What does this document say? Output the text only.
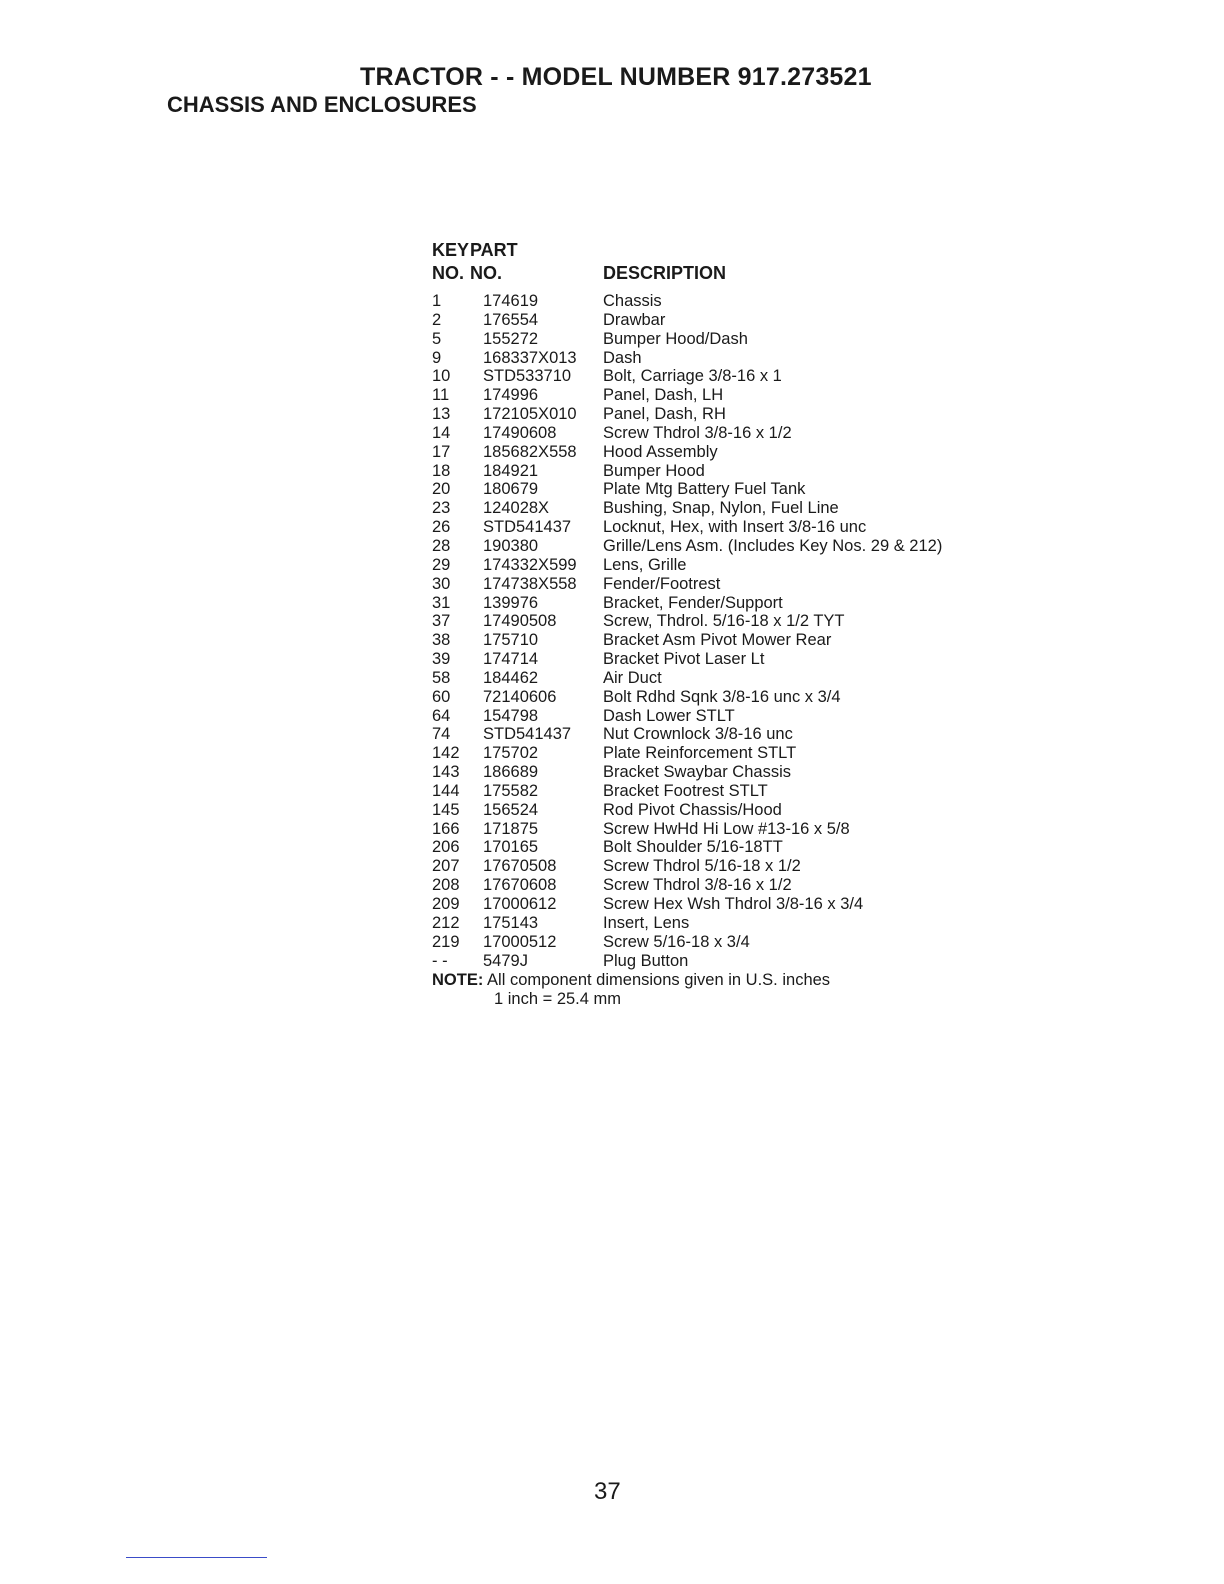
TRACTOR - - MODEL NUMBER 917.273521
CHASSIS AND ENCLOSURES
KEY
NO.
PART
NO.	DESCRIPTION
1	174619	Chassis
2	176554	Drawbar
5	155272	Bumper Hood/Dash
9	168337X013 Dash
10 STD533710 Bolt, Carriage 3/8-16 x 1
11 174996	Panel, Dash, LH
13 172105X010 Panel, Dash, RH
14 17490608	Screw Thdrol 3/8-16 x 1/2
17 185682X558 Hood Assembly
18 184921	Bumper Hood
20 180679	Plate Mtg Battery Fuel Tank
23 124028X	Bushing, Snap, Nylon, Fuel Line
26 STD541437 Locknut, Hex, with Insert 3/8-16 unc
28 190380	Grille/Lens Asm. (Includes Key Nos. 29 & 212)
29 174332X599 Lens, Grille
30 174738X558 Fender/Footrest
31 139976	Bracket, Fender/Support
37 17490508	Screw, Thdrol. 5/16-18 x 1/2 TYT
38 175710	Bracket Asm Pivot Mower Rear
39 174714	Bracket Pivot Laser Lt
58 184462	Air Duct
60 72140606	Bolt Rdhd Sqnk 3/8-16 unc x 3/4
64 154798	Dash Lower STLT
74 STD541437 Nut Crownlock 3/8-16 unc
142 175702	Plate Reinforcement STLT
143 186689	Bracket Swaybar Chassis
144 175582	Bracket Footrest STLT
145 156524	Rod Pivot Chassis/Hood
166 171875	Screw HwHd Hi Low #13-16 x 5/8
206 170165	Bolt Shoulder 5/16-18TT
207 17670508	Screw Thdrol 5/16-18 x 1/2
208 17670608	Screw Thdrol 3/8-16 x 1/2
209 17000612	Screw Hex Wsh Thdrol 3/8-16 x 3/4
212 175143	Insert, Lens
219 17000512	Screw 5/16-18 x 3/4
- - 5479J	Plug Button
NOTE: All component dimensions given in U.S. inches
1 inch = 25.4 mm
37
